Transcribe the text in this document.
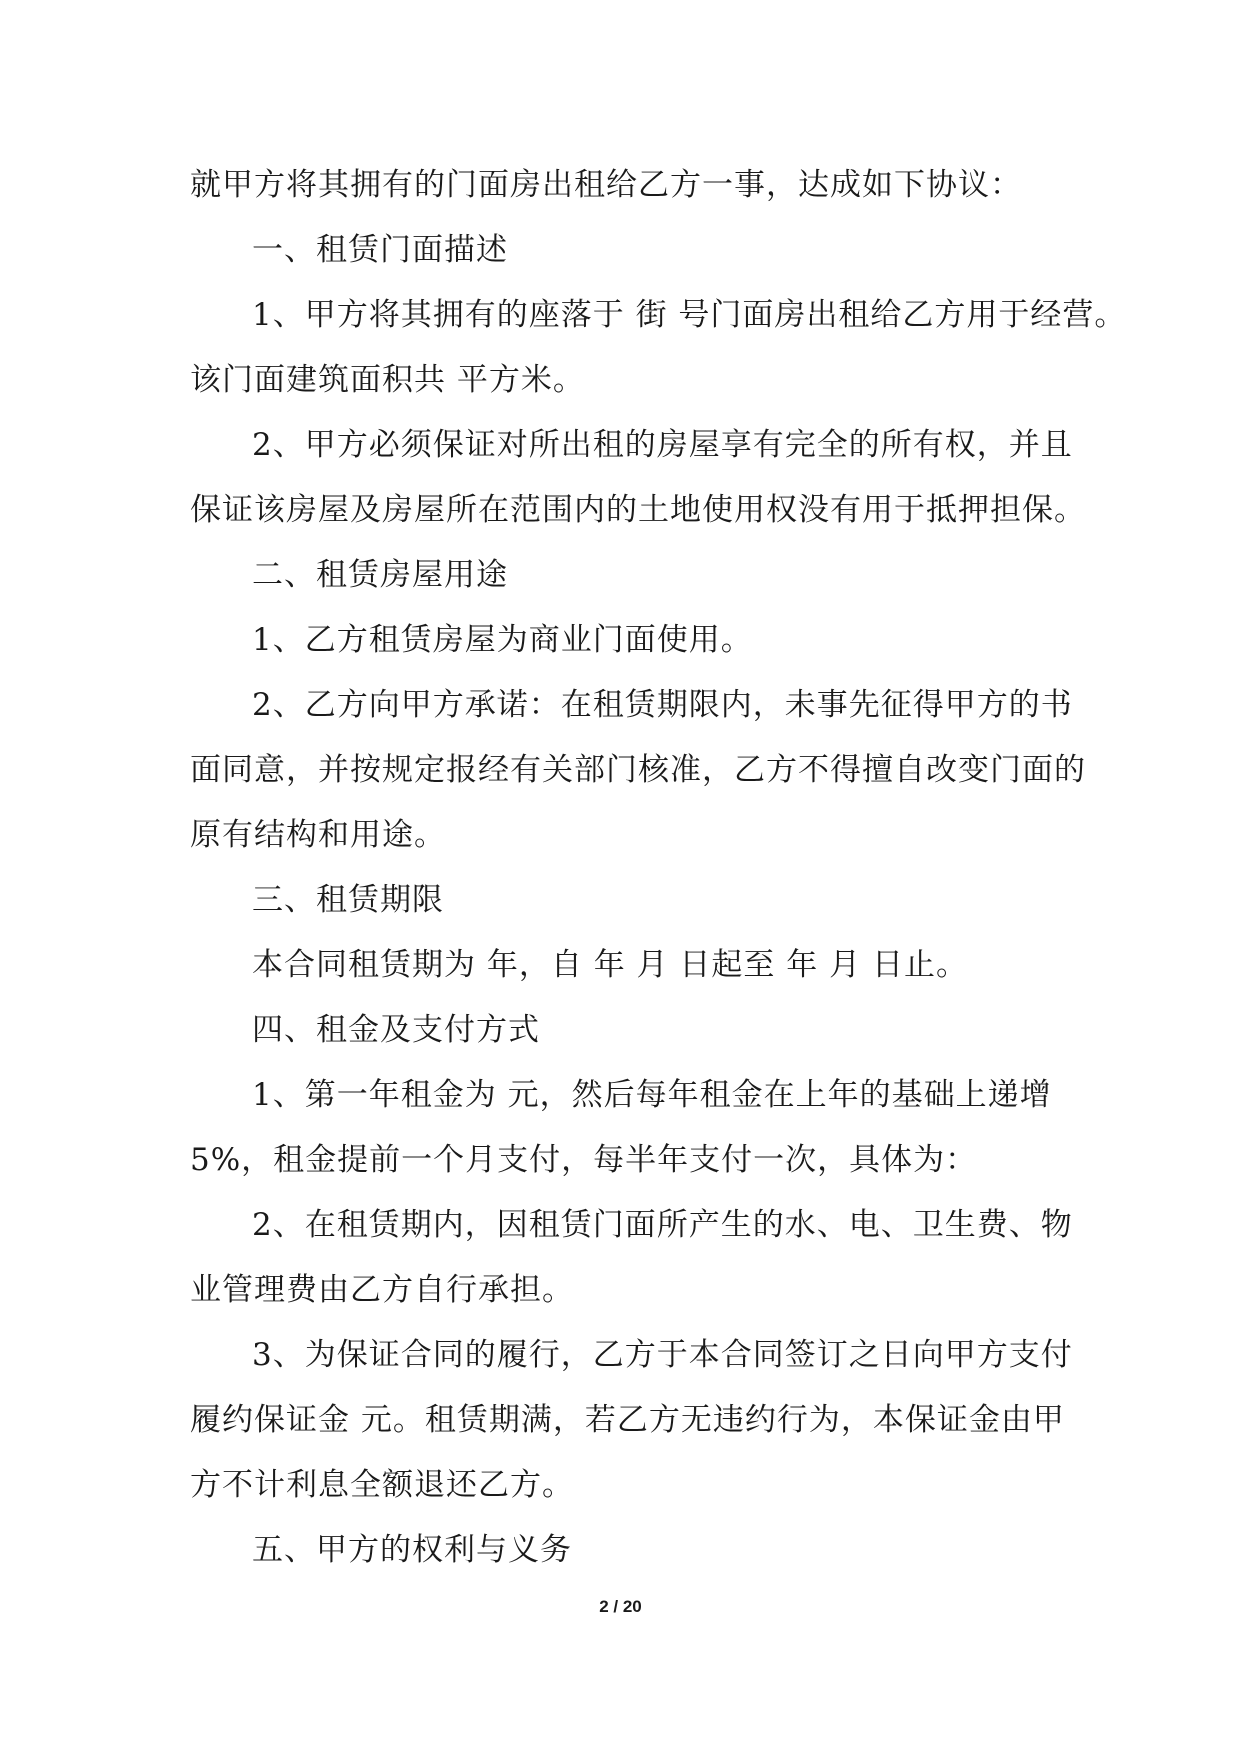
就甲方将其拥有的门面房出租给乙方一事，达成如下协议：
一、租赁门面描述
1、甲方将其拥有的座落于 街 号门面房出租给乙方用于经营。
该门面建筑面积共 平方米。
2、甲方必须保证对所出租的房屋享有完全的所有权，并且
保证该房屋及房屋所在范围内的土地使用权没有用于抵押担保。
二、租赁房屋用途
1、乙方租赁房屋为商业门面使用。
2、乙方向甲方承诺：在租赁期限内，未事先征得甲方的书
面同意，并按规定报经有关部门核准，乙方不得擅自改变门面的
原有结构和用途。
三、租赁期限
本合同租赁期为 年，自 年 月 日起至 年 月 日止。
四、租金及支付方式
1、第一年租金为 元，然后每年租金在上年的基础上递增
5%，租金提前一个月支付，每半年支付一次，具体为：
2、在租赁期内，因租赁门面所产生的水、电、卫生费、物
业管理费由乙方自行承担。
3、为保证合同的履行，乙方于本合同签订之日向甲方支付
履约保证金 元。租赁期满，若乙方无违约行为，本保证金由甲
方不计利息全额退还乙方。
五、甲方的权利与义务
2 / 20
